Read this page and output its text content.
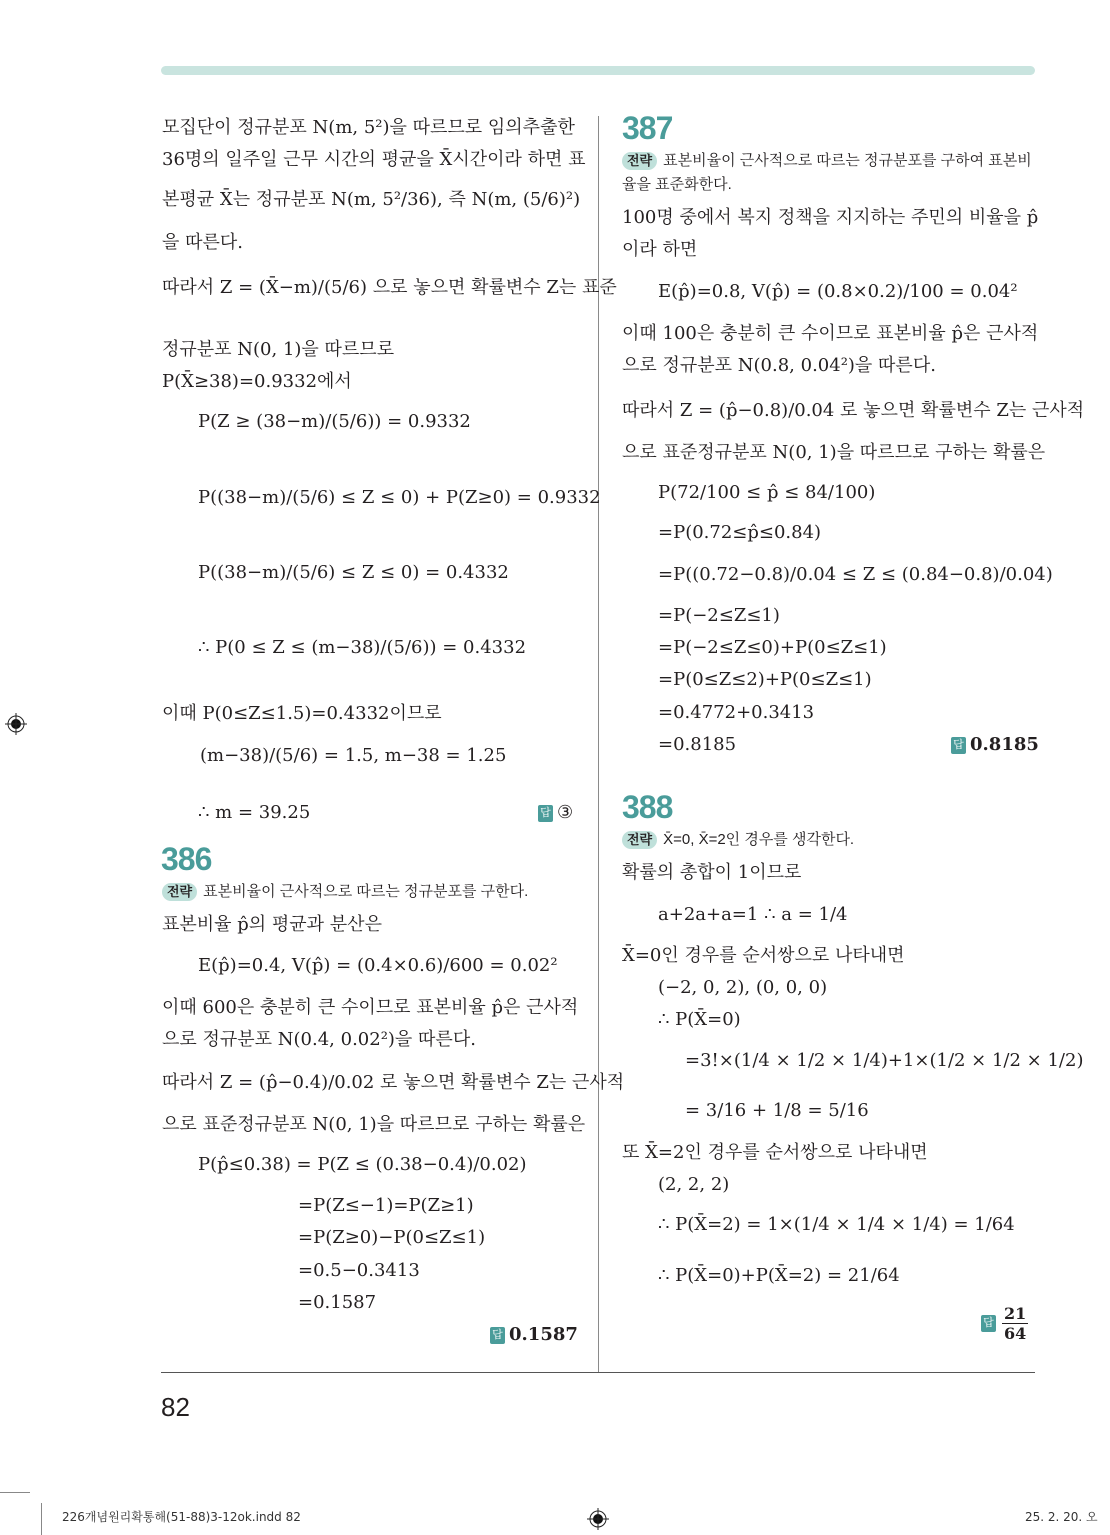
모집단이 정규분포 N(m, 5²)을 따르므로 임의추출한
36명의 일주일 근무 시간의 평균을 X̄시간이라 하면 표
본평균 X̄는 정규분포 N(m, 5²/36), 즉 N(m, (5/6)²)
을 따른다.
따라서 Z = (X̄−m)/(5/6) 으로 놓으면 확률변수 Z는 표준
정규분포 N(0, 1)을 따르므로
P(X̄≥38)=0.9332에서
P(Z ≥ (38−m)/(5/6)) = 0.9332
P((38−m)/(5/6) ≤ Z ≤ 0) + P(Z≥0) = 0.9332
P((38−m)/(5/6) ≤ Z ≤ 0) = 0.4332
∴ P(0 ≤ Z ≤ (m−38)/(5/6)) = 0.4332
이때 P(0≤Z≤1.5)=0.4332이므로
(m−38)/(5/6) = 1.5, m−38 = 1.25
∴ m = 39.25	답 ③
386
전략 표본비율이 근사적으로 따르는 정규분포를 구한다.
표본비율 p̂의 평균과 분산은
E(p̂)=0.4, V(p̂) = (0.4×0.6)/600 = 0.02²
이때 600은 충분히 큰 수이므로 표본비율 p̂은 근사적
으로 정규분포 N(0.4, 0.02²)을 따른다.
따라서 Z = (p̂−0.4)/0.02 로 놓으면 확률변수 Z는 근사적
으로 표준정규분포 N(0, 1)을 따르므로 구하는 확률은
P(p̂≤0.38) = P(Z ≤ (0.38−0.4)/0.02)
=P(Z≤−1)=P(Z≥1)
=P(Z≥0)−P(0≤Z≤1)
=0.5−0.3413
=0.1587
답 0.1587
387
전략 표본비율이 근사적으로 따르는 정규분포를 구하여 표본비
율을 표준화한다.
100명 중에서 복지 정책을 지지하는 주민의 비율을 p̂
이라 하면
E(p̂)=0.8, V(p̂) = (0.8×0.2)/100 = 0.04²
이때 100은 충분히 큰 수이므로 표본비율 p̂은 근사적
으로 정규분포 N(0.8, 0.04²)을 따른다.
따라서 Z = (p̂−0.8)/0.04 로 놓으면 확률변수 Z는 근사적
으로 표준정규분포 N(0, 1)을 따르므로 구하는 확률은
P(72/100 ≤ p̂ ≤ 84/100)
=P(0.72≤p̂≤0.84)
=P((0.72−0.8)/0.04 ≤ Z ≤ (0.84−0.8)/0.04)
=P(−2≤Z≤1)
=P(−2≤Z≤0)+P(0≤Z≤1)
=P(0≤Z≤2)+P(0≤Z≤1)
=0.4772+0.3413
=0.8185	답 0.8185
388
전략 X̄=0, X̄=2인 경우를 생각한다.
확률의 총합이 1이므로
a+2a+a=1 ∴ a = 1/4
X̄=0인 경우를 순서쌍으로 나타내면
(−2, 0, 2), (0, 0, 0)
∴ P(X̄=0)
=3!×(1/4 × 1/2 × 1/4)+1×(1/2 × 1/2 × 1/2)
= 3/16 + 1/8 = 5/16
또 X̄=2인 경우를 순서쌍으로 나타내면
(2, 2, 2)
∴ P(X̄=2) = 1×(1/4 × 1/4 × 1/4) = 1/64
∴ P(X̄=0)+P(X̄=2) = 21/64
답 $\frac{21}{64}$
82
226개념원리확통해(51-88)3-12ok.indd 82	25. 2. 20. 오
